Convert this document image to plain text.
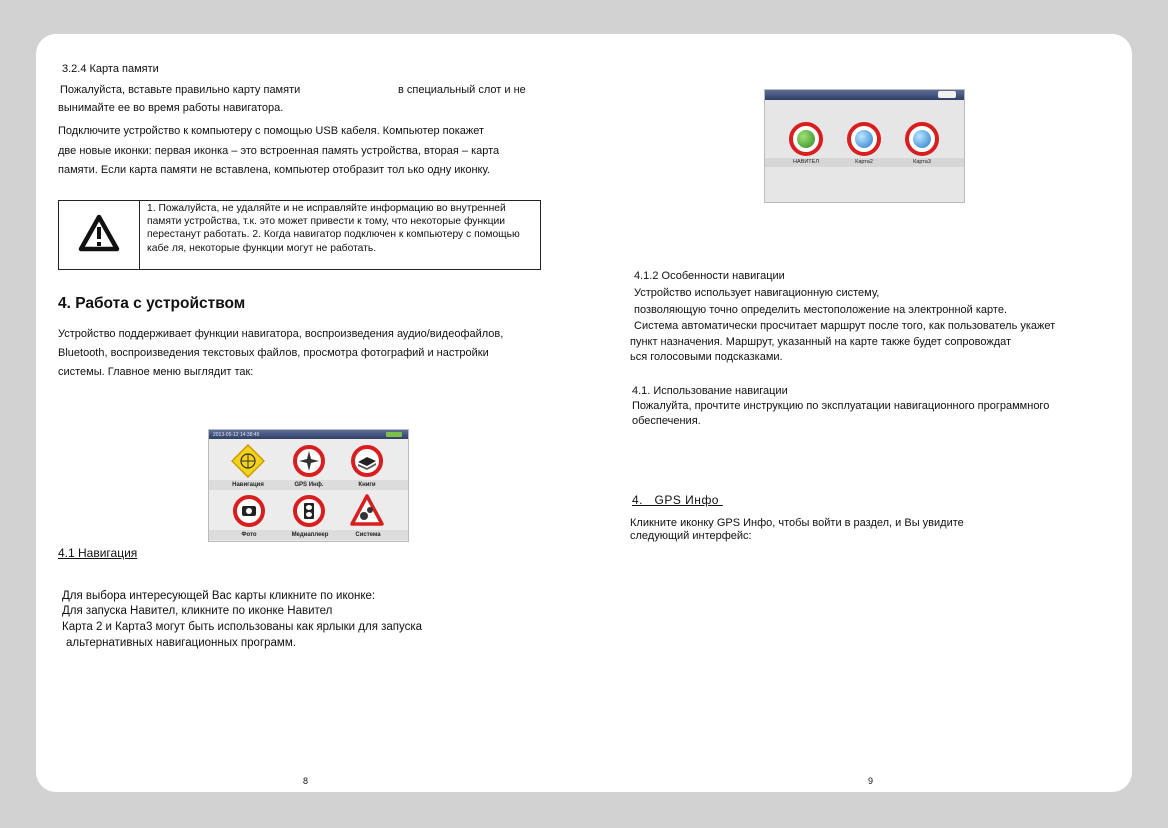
3.2.4 Карта памяти
Пожалуйста, вставьте правильно карту памяти	в специальный слот и не
вынимайте ее во время работы навигатора.
Подключите устройство к компьютеру с помощью USB кабеля. Компьютер покажет
две новые иконки: первая иконка – это встроенная память устройства, вторая – карта
памяти. Если карта памяти не вставлена, компьютер отобразит тол ько одну иконку.
1. Пожалуйста, не удаляйте и не исправляйте информацию во внутренней памяти устройства, т.к. это может привести к тому, что некоторые функции перестанут работать. 2. Когда навигатор подключен к компьютеру с помощью кабе ля, некоторые функции могут не работать.
4. Работа с устройством
Устройство поддерживает функции навигатора, воспроизведения аудио/видеофайлов,
Bluetooth, воспроизведения текстовых файлов, просмотра фотографий и настройки
системы. Главное меню выглядит так:
2013-05-12 14:38:45
Навигация	GPS Инф.	Книги
Фото	Медиаплеер	Система
4.1 Навигация
Для выбора интересующей Вас карты кликните по иконке:
Для запуска Навител, кликните по иконке Навител
Карта 2 и Карта3 могут быть использованы как ярлыки для запуска
альтернативных навигационных программ.
8
НАВИТЕЛ	Карта2	Карта3
4.1.2 Особенности навигации
Устройство использует навигационную систему,
позволяющую точно определить местоположение на электронной карте.
Система автоматически просчитает маршрут после того, как пользователь укажет
пункт назначения. Маршрут, указанный на карте также будет сопровождат
ься голосовыми подсказками.
4.1. Использование навигации
Пожалуйта, прочтите инструкцию по эксплуатации навигационного программного
обеспечения.
4.   GPS Инфо
Кликните иконку GPS Инфо, чтобы войти в раздел, и Вы увидите
следующий интерфейс:
9
